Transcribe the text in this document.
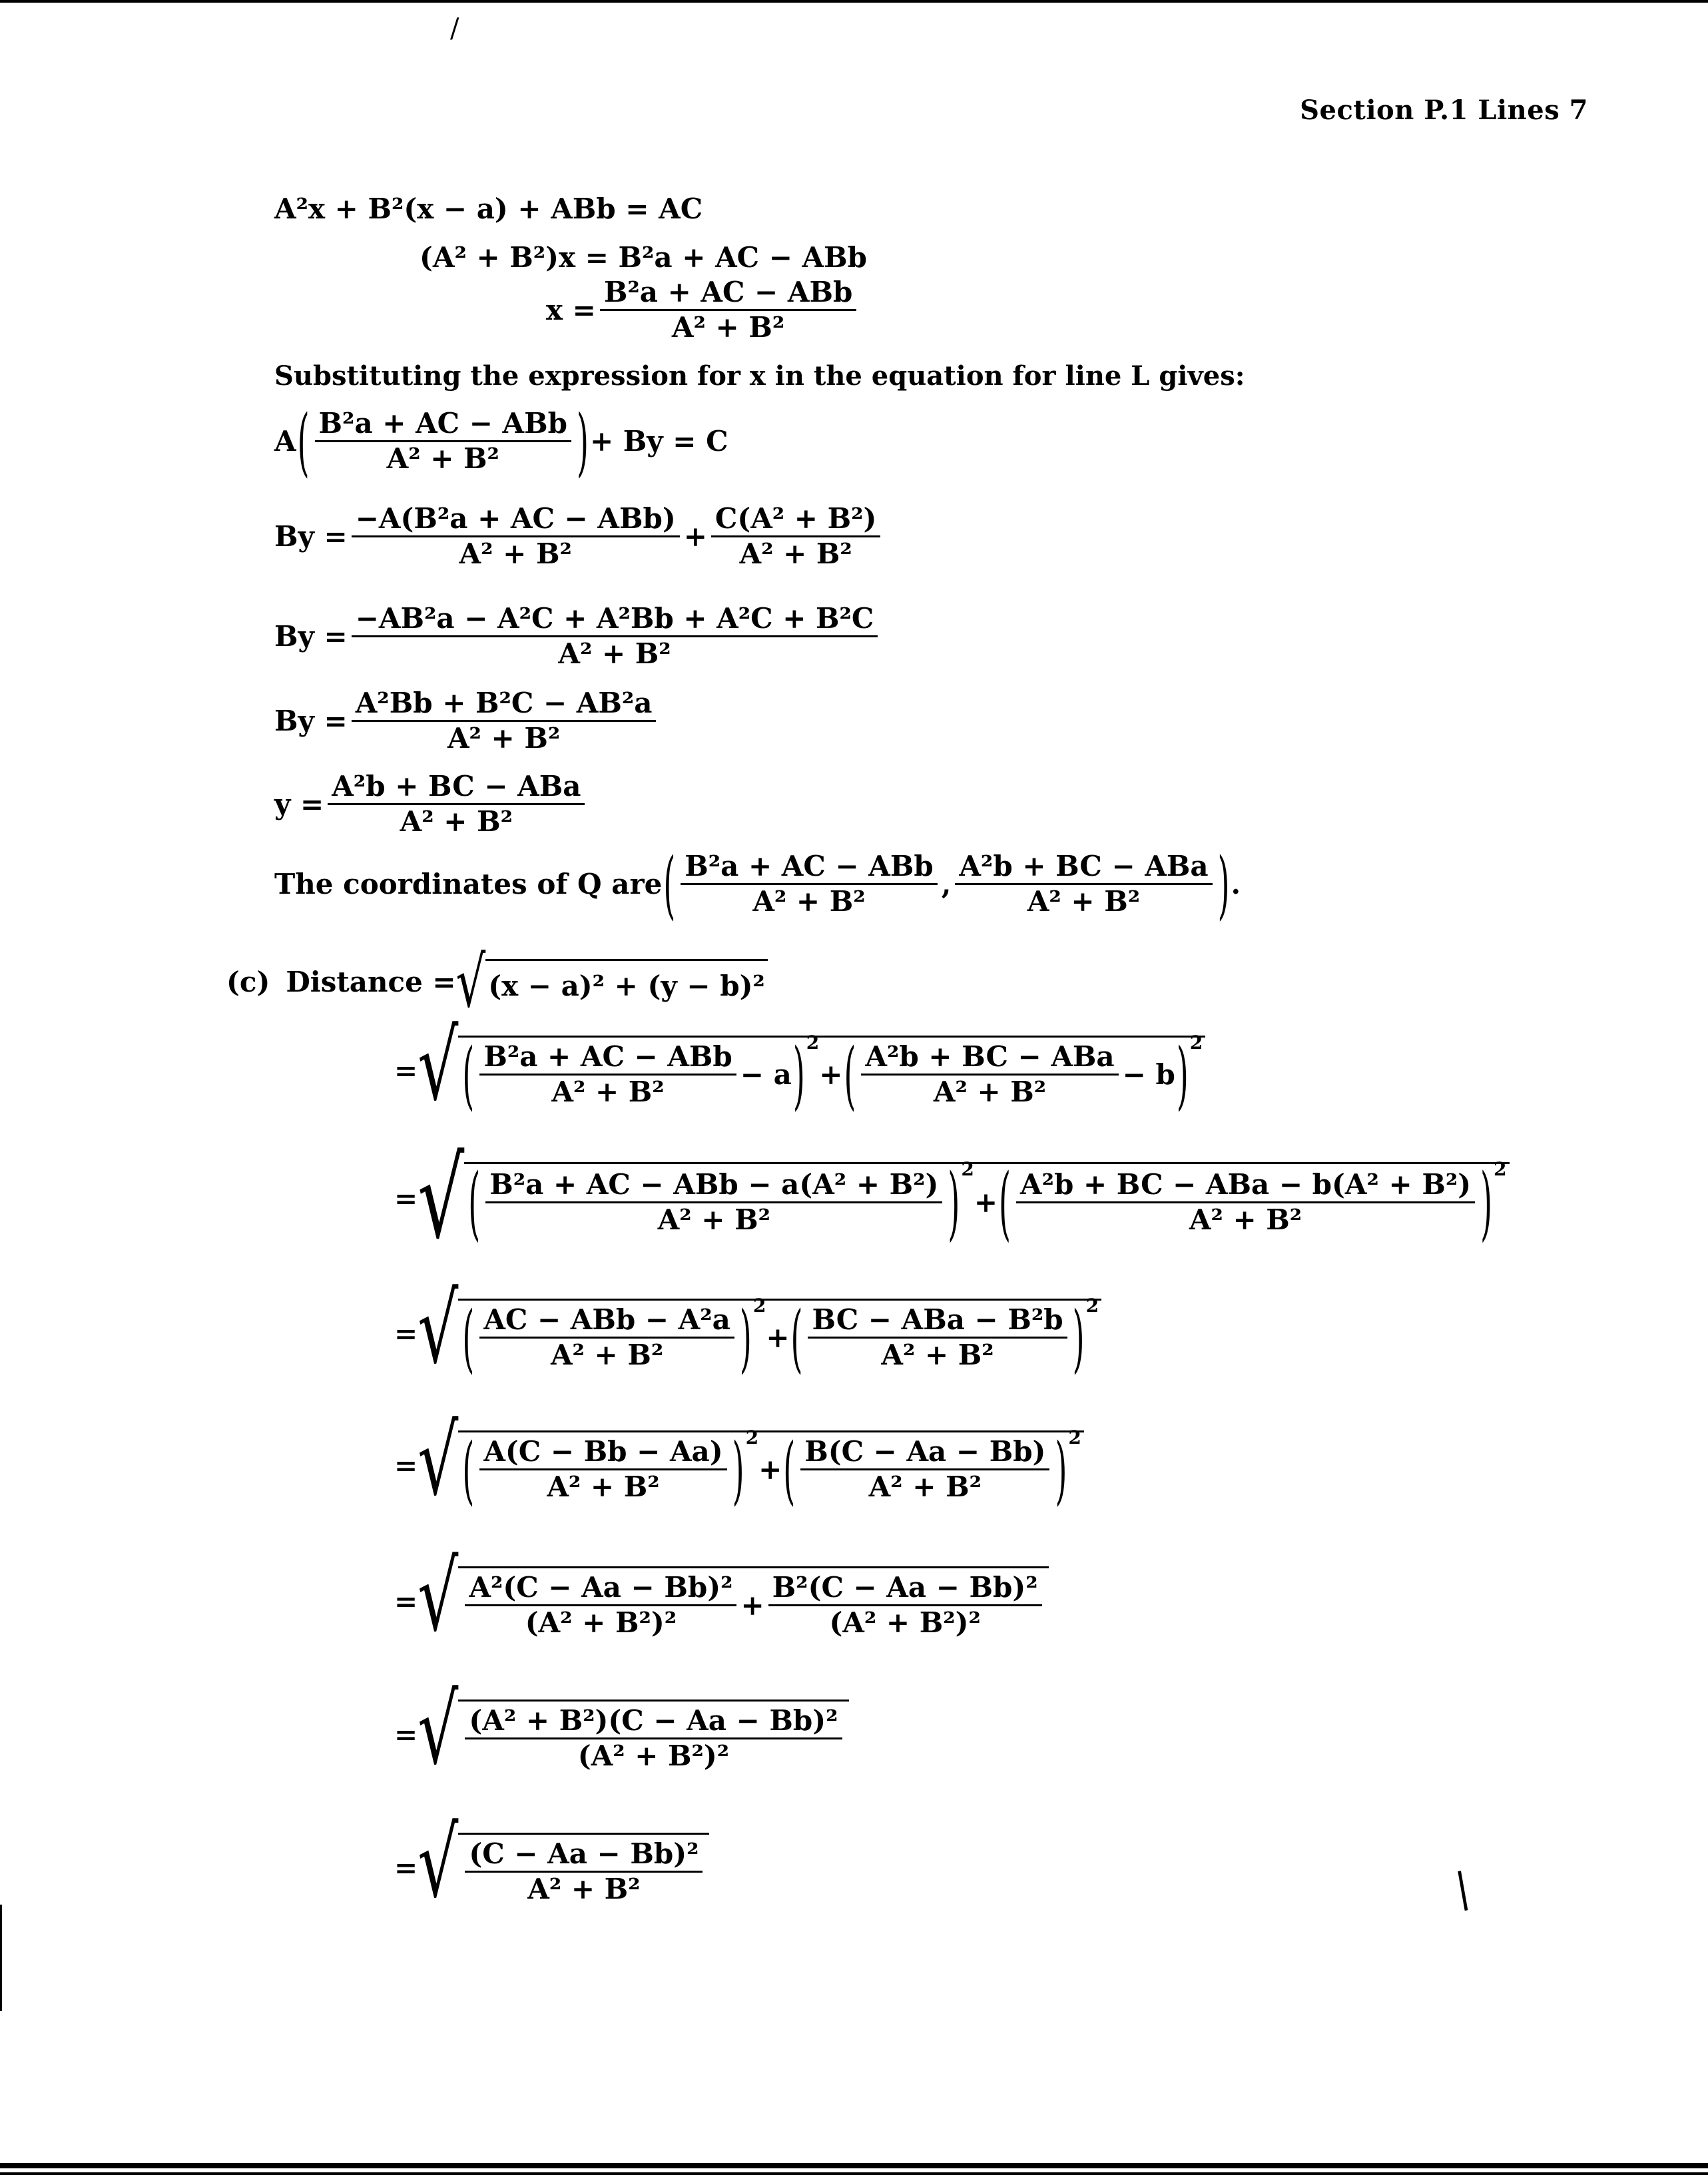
Section P.1 Lines 7
A²x + B²(x − a) + ABb = AC
(A² + B²)x = B²a + AC − ABb
x =
B²a + AC − ABb
A² + B²
Substituting the expression for x in the equation for line L gives:
A ( B²a + AC − ABb
A² + B²	) + By = C
By =
−A(B²a + AC − ABb)
A² + B²
+ $\frac{\text{C(A² + B²)}}{\text{A² + B²}}$
$By = \frac{\text{−AB²a − A²C + A²Bb + A²C + B²C}}{\text{A² + B²}}$
$By = \frac{\text{A²Bb + B²C − AB²a}}{\text{A² + B²}}$
y =
A²b + BC − ABa
A² + B²
The coordinates of Q are ( B²a + AC − ABb
A² + B²
,
A²b + BC − ABa
A² + B²	) .
(c) Distance = √ (x − a)² + (y − b)²
= √ ( B²a + AC − ABb
A² + B²
− a ) 2
+ ( A²b + BC − ABa
A² + B²
− b ) 2
= √ ( B²a + AC − ABb − a(A² + B²)
A² + B²	) 2
+ ( A²b + BC − ABa − b(A² + B²)
A² + B²	) 2
= √ ( AC − ABb − A²a
A² + B² ) 2
+ ( BC − ABa − B²b
A² + B²	) 2
= √ ( $\frac{A(C - Bb - Aa)}{\text{A² + B²}}$ ) 2
+ ( $\frac{B(C - Aa - Bb)}{\text{A² + B²}}$ ) 2
= √ $\frac{\text{A²(C − Aa − Bb)²}}{\text{(A² + B²)²}} + \frac{\text{B²(C − Aa − Bb)²}}{\text{(A² + B²)²}}$
= √ $\frac{\text{(A² + B²)(C − Aa − Bb)²}}{\text{(A² + B²)²}}$
= √ $\frac{\text{(C − Aa − Bb)²}}{\text{A² + B²}}$
/
|
